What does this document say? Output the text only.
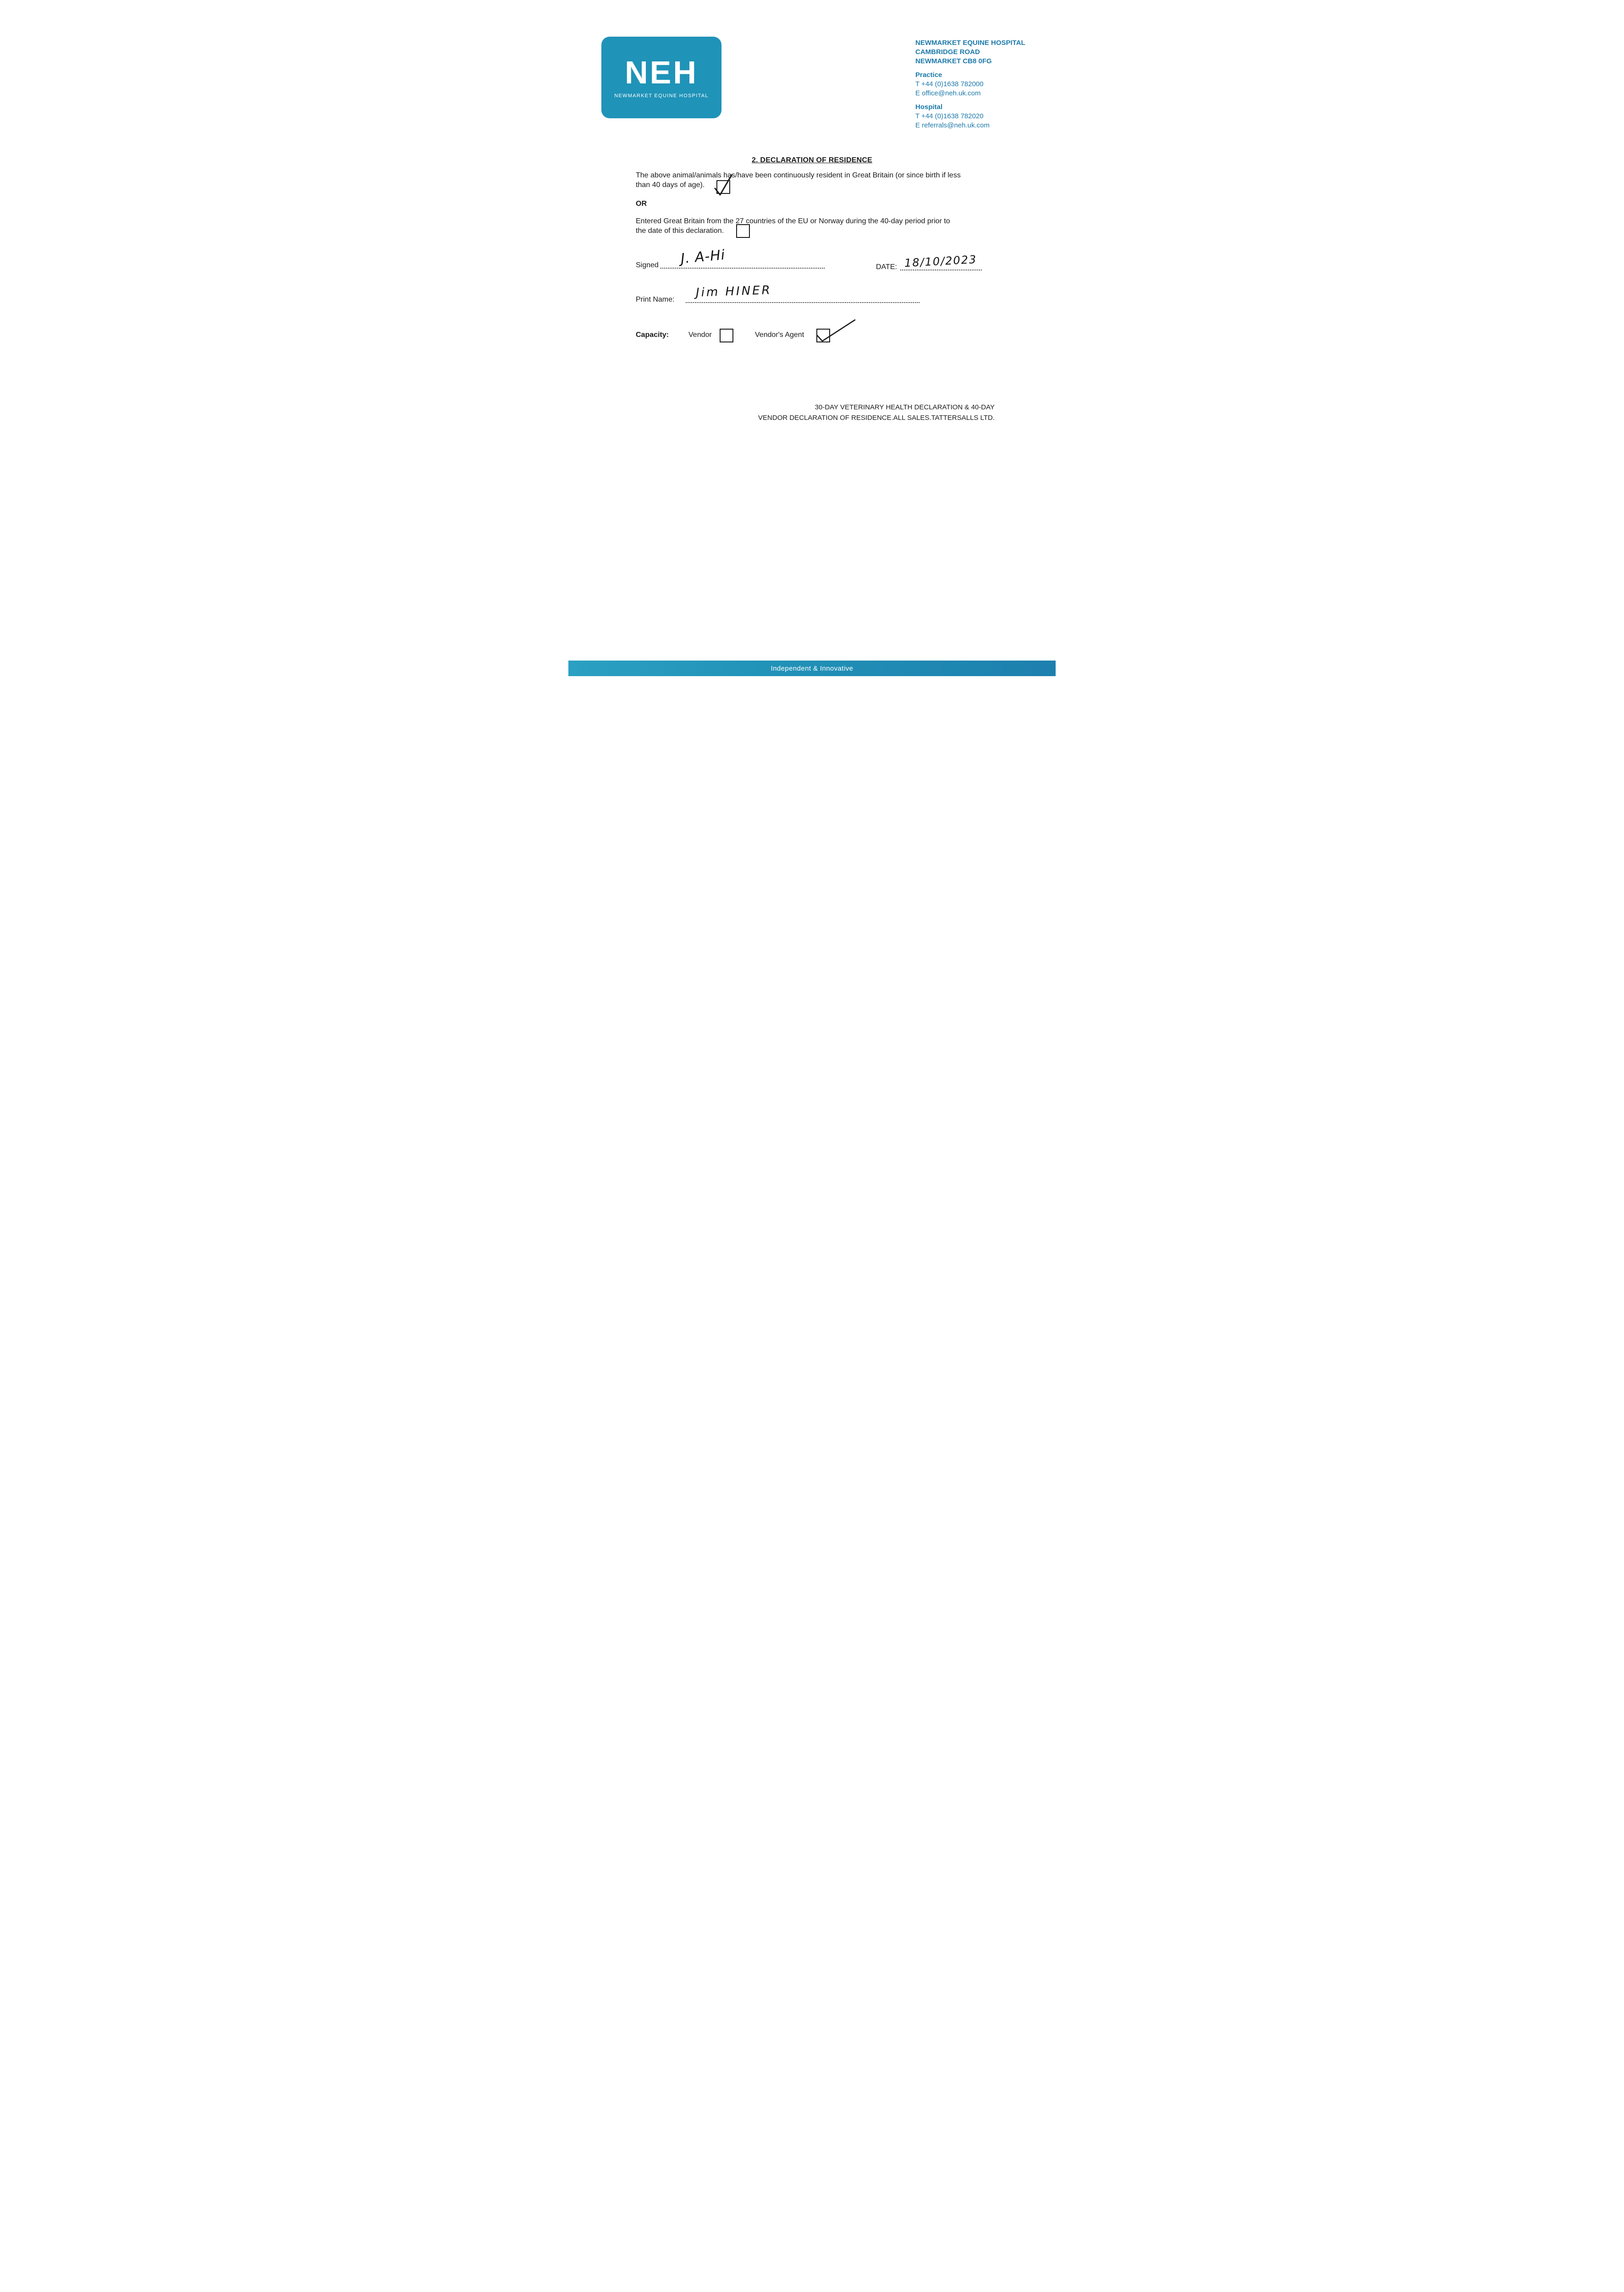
NEH
NEWMARKET EQUINE HOSPITAL
NEWMARKET EQUINE HOSPITAL
CAMBRIDGE ROAD
NEWMARKET CB8 0FG
Practice
T +44 (0)1638 782000
E office@neh.uk.com
Hospital
T +44 (0)1638 782020
E referrals@neh.uk.com
2. DECLARATION OF RESIDENCE
The above animal/animals has/have been continuously resident in Great Britain (or since birth if less
than 40 days of age).
OR
Entered Great Britain from the 27 countries of the EU or Norway during the 40-day period prior to
the date of this declaration.
Signed J. A-Hi
DATE: 18/10/2023
Print Name: Jim HINER
Capacity:	Vendor	Vendor's Agent
30-DAY VETERINARY HEALTH DECLARATION & 40-DAY
VENDOR DECLARATION OF RESIDENCE.ALL SALES.TATTERSALLS LTD.
Independent & Innovative
